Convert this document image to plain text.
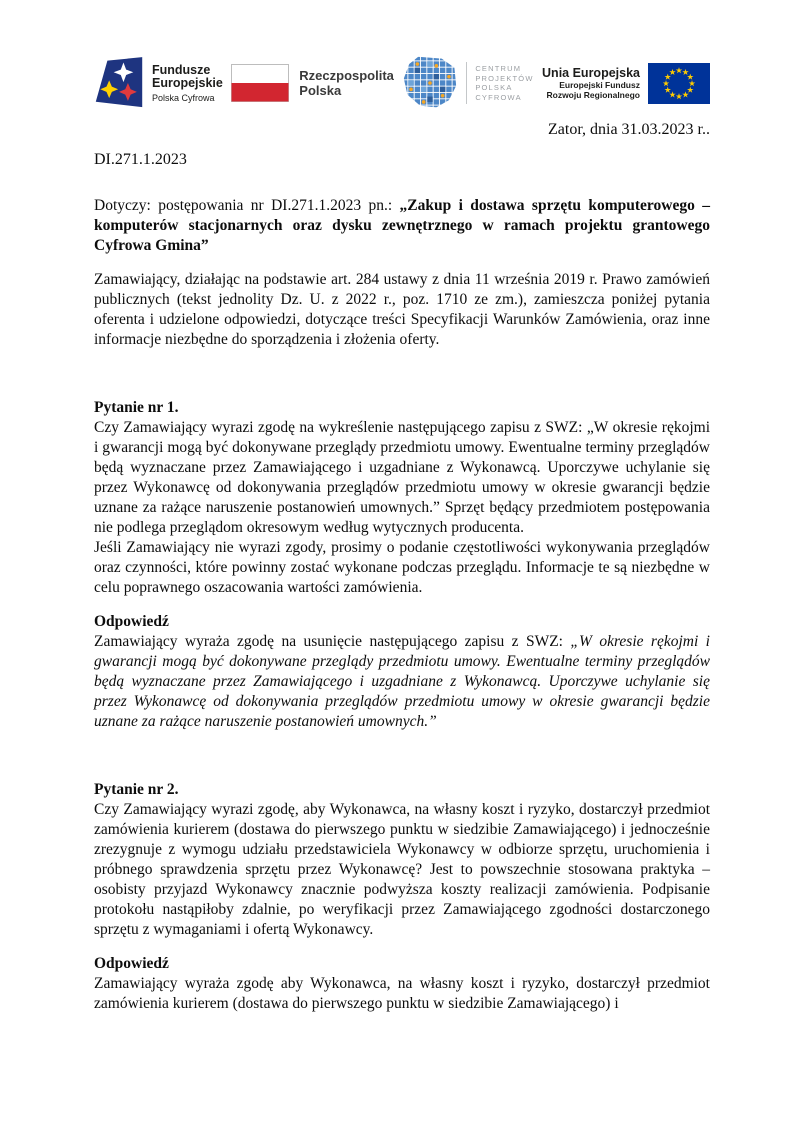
Fundusze
Europejskie
Polska Cyfrowa
Rzeczpospolita
Polska
CENTRUM
PROJEKTÓW
POLSKA
CYFROWA
Unia Europejska
Europejski Fundusz
Rozwoju Regionalnego
Zator, dnia 31.03.2023 r..
DI.271.1.2023

Dotyczy: postępowania nr DI.271.1.2023 pn.: „Zakup i dostawa sprzętu komputerowego – komputerów stacjonarnych oraz dysku zewnętrznego w ramach projektu grantowego Cyfrowa Gmina”

Zamawiający, działając na podstawie art. 284 ustawy z dnia 11 września 2019 r. Prawo zamówień publicznych (tekst jednolity Dz. U. z 2022 r., poz. 1710 ze zm.), zamieszcza poniżej pytania oferenta i udzielone odpowiedzi, dotyczące treści Specyfikacji Warunków Zamówienia, oraz inne informacje niezbędne do sporządzenia i złożenia oferty.

Pytanie nr 1.

Czy Zamawiający wyrazi zgodę na wykreślenie następującego zapisu z SWZ: „W okresie rękojmi i gwarancji mogą być dokonywane przeglądy przedmiotu umowy. Ewentualne terminy przeglądów będą wyznaczane przez Zamawiającego i uzgadniane z Wykonawcą. Uporczywe uchylanie się przez Wykonawcę od dokonywania przeglądów przedmiotu umowy w okresie gwarancji będzie uznane za rażące naruszenie postanowień umownych.” Sprzęt będący przedmiotem postępowania nie podlega przeglądom okresowym według wytycznych producenta.

Jeśli Zamawiający nie wyrazi zgody, prosimy o podanie częstotliwości wykonywania przeglądów oraz czynności, które powinny zostać wykonane podczas przeglądu. Informacje te są niezbędne w celu poprawnego oszacowania wartości zamówienia.

Odpowiedź

Zamawiający wyraża zgodę na usunięcie następującego zapisu z SWZ: „W okresie rękojmi i gwarancji mogą być dokonywane przeglądy przedmiotu umowy. Ewentualne terminy przeglądów będą wyznaczane przez Zamawiającego i uzgadniane z Wykonawcą. Uporczywe uchylanie się przez Wykonawcę od dokonywania przeglądów przedmiotu umowy w okresie gwarancji będzie uznane za rażące naruszenie postanowień umownych.”

Pytanie nr 2.

Czy Zamawiający wyrazi zgodę, aby Wykonawca, na własny koszt i ryzyko, dostarczył przedmiot zamówienia kurierem (dostawa do pierwszego punktu w siedzibie Zamawiającego) i jednocześnie zrezygnuje z wymogu udziału przedstawiciela Wykonawcy w odbiorze sprzętu, uruchomienia i próbnego sprawdzenia sprzętu przez Wykonawcę? Jest to powszechnie stosowana praktyka – osobisty przyjazd Wykonawcy znacznie podwyższa koszty realizacji zamówienia. Podpisanie protokołu nastąpiłoby zdalnie, po weryfikacji przez Zamawiającego zgodności dostarczonego sprzętu z wymaganiami i ofertą Wykonawcy.

Odpowiedź

Zamawiający wyraża zgodę aby Wykonawca, na własny koszt i ryzyko, dostarczył przedmiot zamówienia kurierem (dostawa do pierwszego punktu w siedzibie Zamawiającego) i
